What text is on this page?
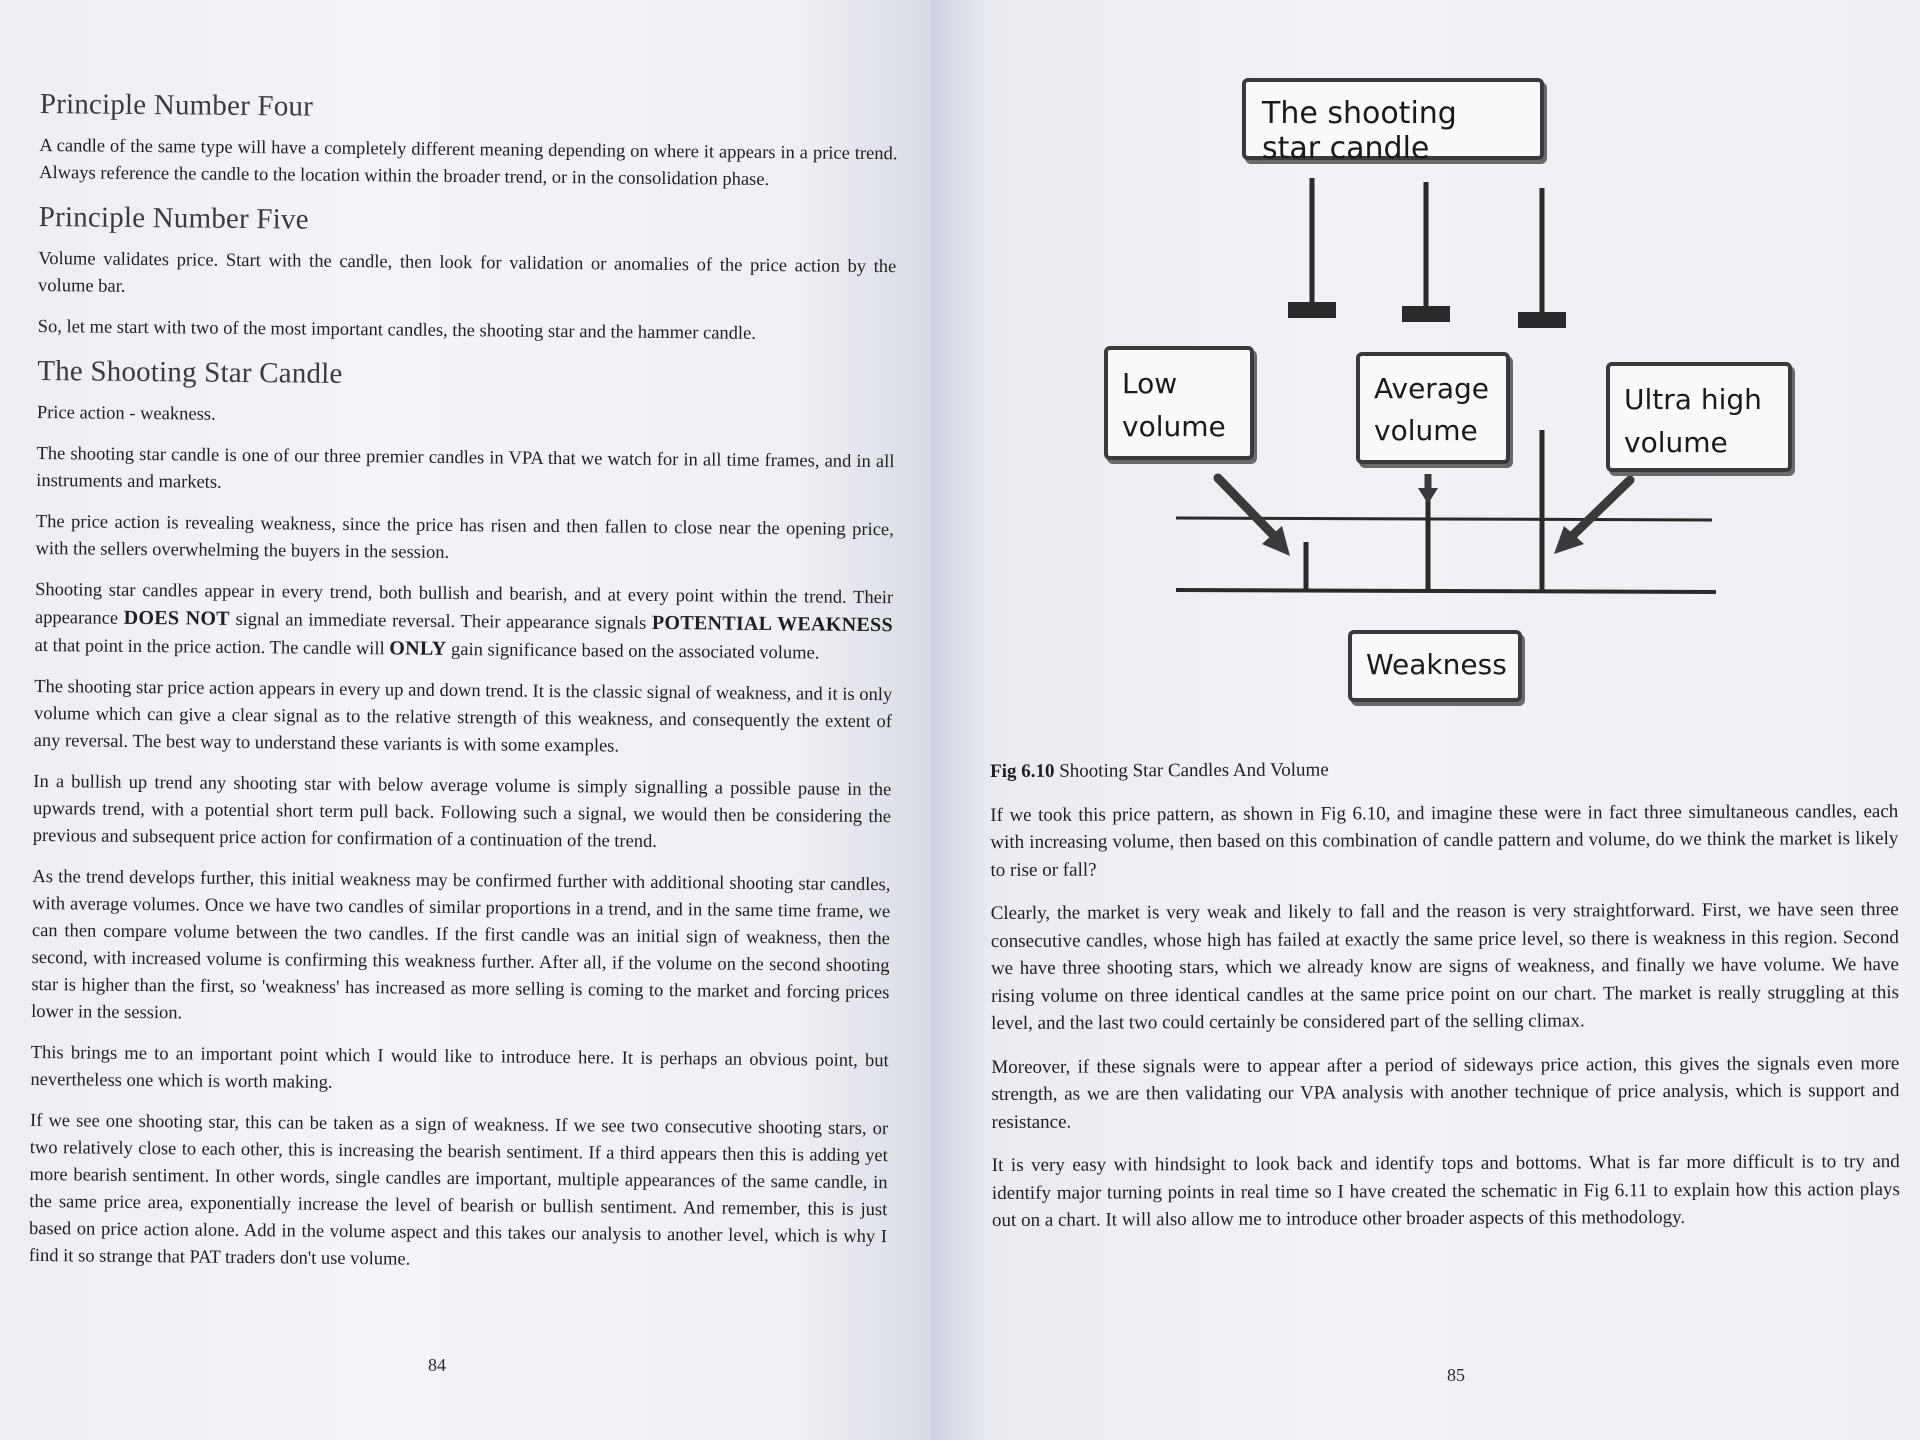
Principle Number Four

A candle of the same type will have a completely different meaning depending on where it appears in a price trend. Always reference the candle to the location within the broader trend, or in the consolidation phase.

Principle Number Five

Volume validates price. Start with the candle, then look for validation or anomalies of the price action by the volume bar.

So, let me start with two of the most important candles, the shooting star and the hammer candle.

The Shooting Star Candle

Price action - weakness.

The shooting star candle is one of our three premier candles in VPA that we watch for in all time frames, and in all instruments and markets.

The price action is revealing weakness, since the price has risen and then fallen to close near the opening price, with the sellers overwhelming the buyers in the session.

Shooting star candles appear in every trend, both bullish and bearish, and at every point within the trend. Their appearance DOES NOT signal an immediate reversal. Their appearance signals POTENTIAL WEAKNESS at that point in the price action. The candle will ONLY gain significance based on the associated volume.

The shooting star price action appears in every up and down trend. It is the classic signal of weakness, and it is only volume which can give a clear signal as to the relative strength of this weakness, and consequently the extent of any reversal. The best way to understand these variants is with some examples.

In a bullish up trend any shooting star with below average volume is simply signalling a possible pause in the upwards trend, with a potential short term pull back. Following such a signal, we would then be considering the previous and subsequent price action for confirmation of a continuation of the trend.

As the trend develops further, this initial weakness may be confirmed further with additional shooting star candles, with average volumes. Once we have two candles of similar proportions in a trend, and in the same time frame, we can then compare volume between the two candles. If the first candle was an initial sign of weakness, then the second, with increased volume is confirming this weakness further. After all, if the volume on the second shooting star is higher than the first, so 'weakness' has increased as more selling is coming to the market and forcing prices lower in the session.

This brings me to an important point which I would like to introduce here. It is perhaps an obvious point, but nevertheless one which is worth making.

If we see one shooting star, this can be taken as a sign of weakness. If we see two consecutive shooting stars, or two relatively close to each other, this is increasing the bearish sentiment. If a third appears then this is adding yet more bearish sentiment. In other words, single candles are important, multiple appearances of the same candle, in the same price area, exponentially increase the level of bearish or bullish sentiment. And remember, this is just based on price action alone. Add in the volume aspect and this takes our analysis to another level, which is why I find it so strange that PAT traders don't use volume.

84

Fig 6.10 Shooting Star Candles And Volume

If we took this price pattern, as shown in Fig 6.10, and imagine these were in fact three simultaneous candles, each with increasing volume, then based on this combination of candle pattern and volume, do we think the market is likely to rise or fall?

Clearly, the market is very weak and likely to fall and the reason is very straightforward. First, we have seen three consecutive candles, whose high has failed at exactly the same price level, so there is weakness in this region. Second we have three shooting stars, which we already know are signs of weakness, and finally we have volume. We have rising volume on three identical candles at the same price point on our chart. The market is really struggling at this level, and the last two could certainly be considered part of the selling climax.

Moreover, if these signals were to appear after a period of sideways price action, this gives the signals even more strength, as we are then validating our VPA analysis with another technique of price analysis, which is support and resistance.

It is very easy with hindsight to look back and identify tops and bottoms. What is far more difficult is to try and identify major turning points in real time so I have created the schematic in Fig 6.11 to explain how this action plays out on a chart. It will also allow me to introduce other broader aspects of this methodology.

85
The shooting star candle
Low
volume
Average
volume
Ultra high
volume
Weakness
